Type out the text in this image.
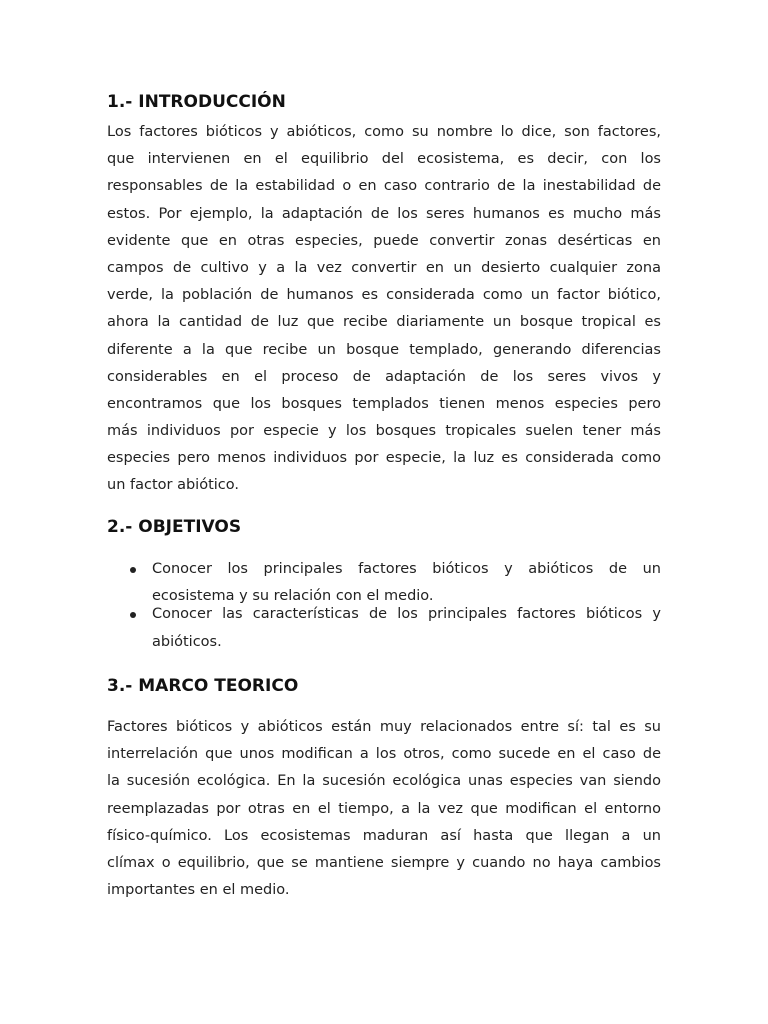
1.- INTRODUCCIÓN
Los factores bióticos y abióticos, como su nombre lo dice, son factores,
que intervienen en el equilibrio del ecosistema, es decir, con los
responsables de la estabilidad o en caso contrario de la inestabilidad de
estos. Por ejemplo, la adaptación de los seres humanos es mucho más
evidente que en otras especies, puede convertir zonas desérticas en
campos de cultivo y a la vez convertir en un desierto cualquier zona
verde, la población de humanos es considerada como un factor biótico,
ahora la cantidad de luz que recibe diariamente un bosque tropical es
diferente a la que recibe un bosque templado, generando diferencias
considerables en el proceso de adaptación de los seres vivos y
encontramos que los bosques templados tienen menos especies pero
más individuos por especie y los bosques tropicales suelen tener más
especies pero menos individuos por especie, la luz es considerada como
un factor abiótico.
2.- OBJETIVOS
Conocer los principales factores bióticos y abióticos de un
ecosistema y su relación con el medio.
Conocer las características de los principales factores bióticos y
abióticos.
3.- MARCO TEORICO
Factores bióticos y abióticos están muy relacionados entre sí: tal es su
interrelación que unos modifican a los otros, como sucede en el caso de
la sucesión ecológica. En la sucesión ecológica unas especies van siendo
reemplazadas por otras en el tiempo, a la vez que modifican el entorno
físico-químico. Los ecosistemas maduran así hasta que llegan a un
clímax o equilibrio, que se mantiene siempre y cuando no haya cambios
importantes en el medio.
